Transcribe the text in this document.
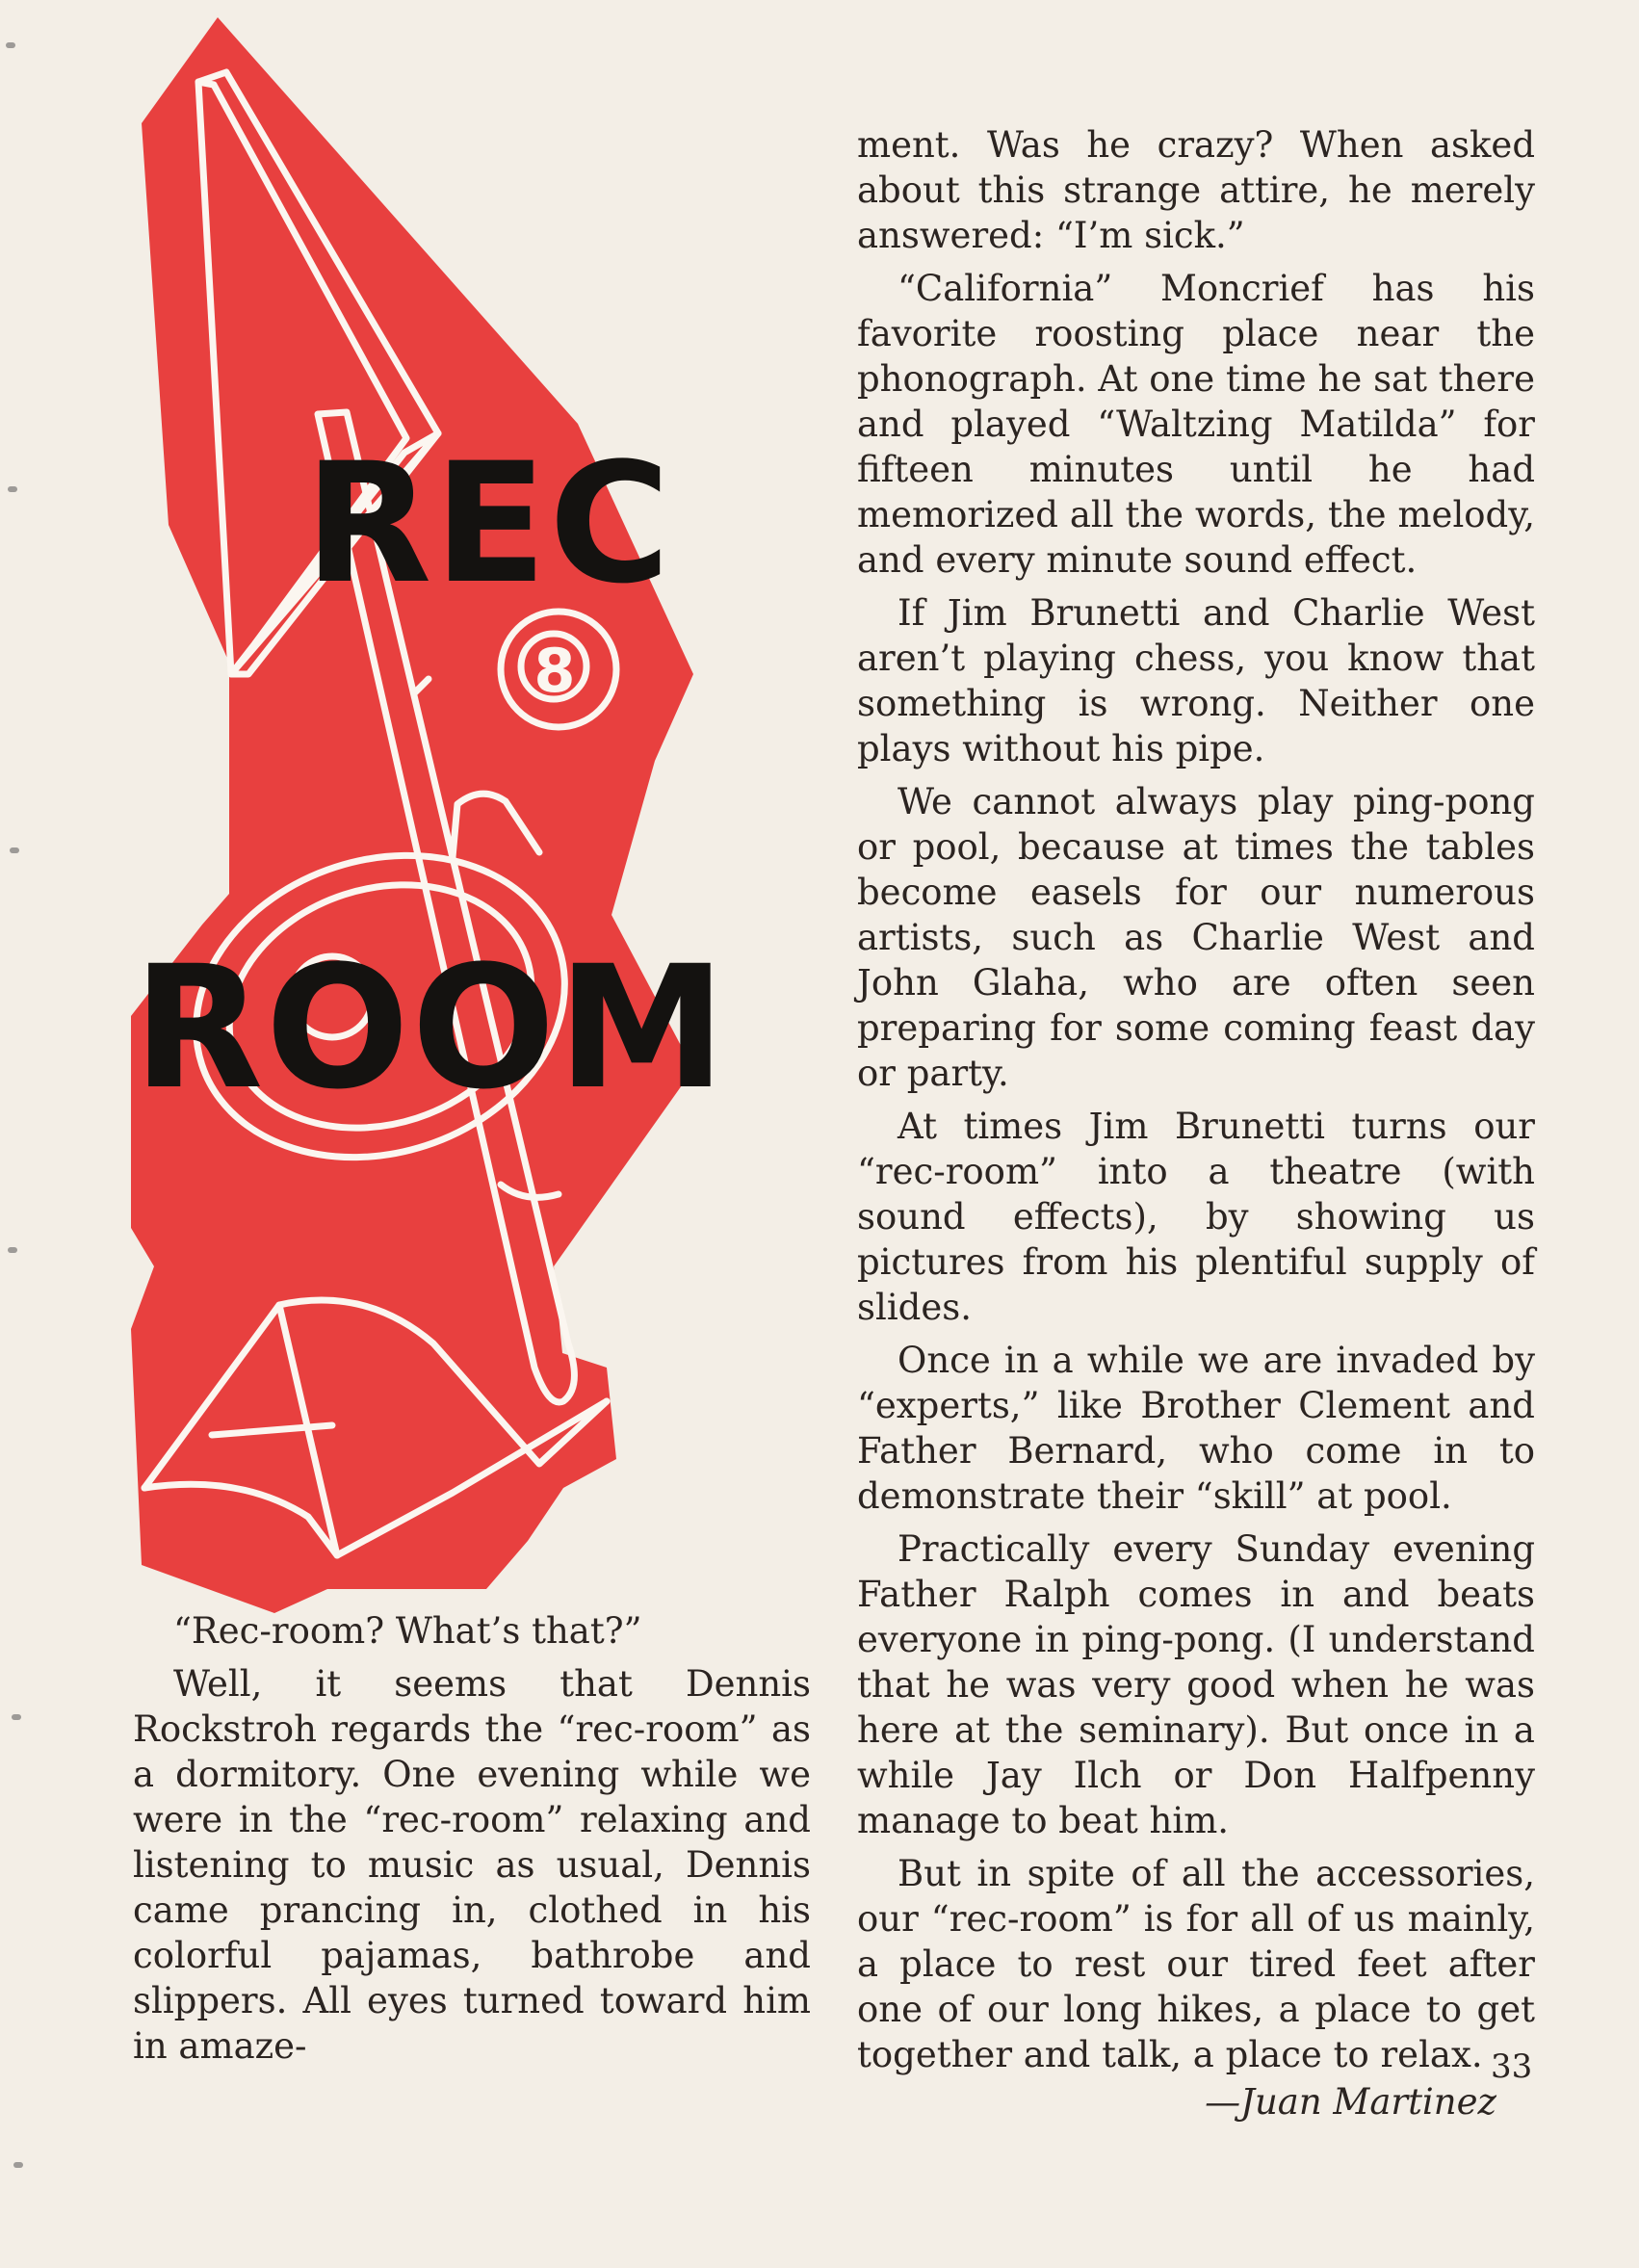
8
REC
ROOM

“Rec-room? What’s that?”

Well, it seems that Dennis Rockstroh regards the “rec-room” as a dormitory. One evening while we were in the “rec-room” relaxing and listening to music as usual, Dennis came prancing in, clothed in his colorful pajamas, bathrobe and slippers. All eyes turned toward him in amaze-

ment. Was he crazy? When asked about this strange attire, he merely answered: “I’m sick.”

“California” Moncrief has his favorite roosting place near the phonograph. At one time he sat there and played “Waltzing Matilda” for fifteen minutes until he had memorized all the words, the melody, and every minute sound effect.

If Jim Brunetti and Charlie West aren’t playing chess, you know that something is wrong. Neither one plays without his pipe.

We cannot always play ping-pong or pool, because at times the tables become easels for our numerous artists, such as Charlie West and John Glaha, who are often seen preparing for some coming feast day or party.

At times Jim Brunetti turns our “rec-room” into a theatre (with sound effects), by showing us pictures from his plentiful supply of slides.

Once in a while we are invaded by “experts,” like Brother Clement and Father Bernard, who come in to demonstrate their “skill” at pool.

Practically every Sunday evening Father Ralph comes in and beats everyone in ping-pong. (I understand that he was very good when he was here at the seminary). But once in a while Jay Ilch or Don Halfpenny manage to beat him.

But in spite of all the accessories, our “rec-room” is for all of us mainly, a place to rest our tired feet after one of our long hikes, a place to get together and talk, a place to relax.

—Juan Martinez
33
